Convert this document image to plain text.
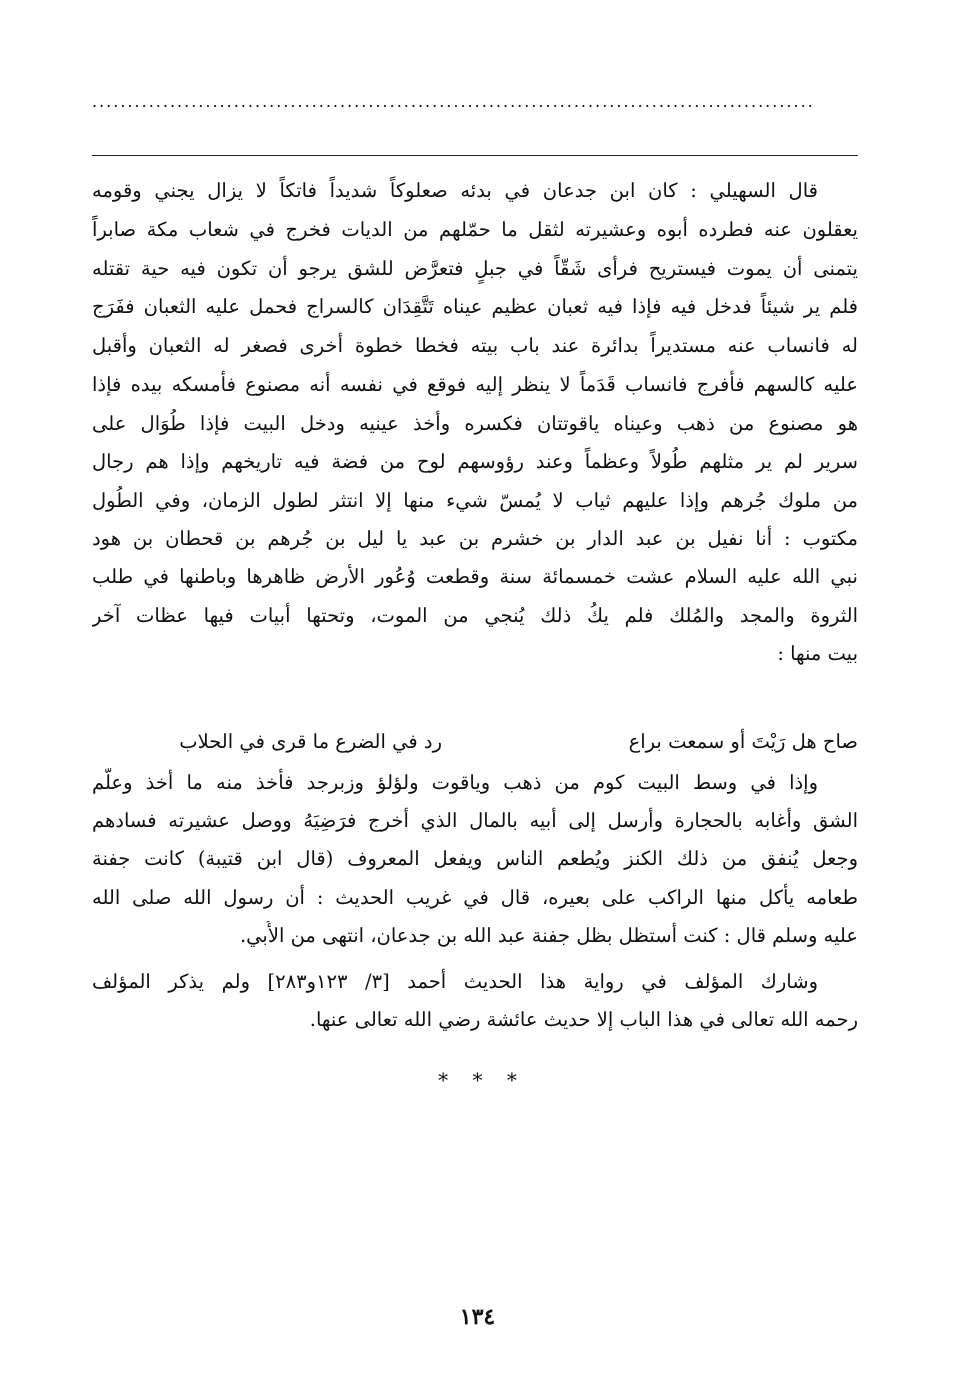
......................................................................................................
قال السهيلي : كان ابن جدعان في بدئه صعلوكاً شديداً فاتكاً لا يزال يجني وقومه
يعقلون عنه فطرده أبوه وعشيرته لثقل ما حمّلهم من الديات فخرج في شعاب مكة صابراً
يتمنى أن يموت فيستريح فرأى شَقّاً في جبلٍ فتعرَّض للشق يرجو أن تكون فيه حية تقتله
فلم ير شيئاً فدخل فيه فإذا فيه ثعبان عظيم عيناه تَتَّقِدَان كالسراج فحمل عليه الثعبان ففَرَج
له فانساب عنه مستديراً بدائرة عند باب بيته فخطا خطوة أخرى فصغر له الثعبان وأقبل
عليه كالسهم فأفرج فانساب قَدَماً لا ينظر إليه فوقع في نفسه أنه مصنوع فأمسكه بيده فإذا
هو مصنوع من ذهب وعيناه ياقوتتان فكسره وأخذ عينيه ودخل البيت فإذا طُوَال على
سرير لم ير مثلهم طُولاً وعظماً وعند رؤوسهم لوح من فضة فيه تاريخهم وإذا هم رجال
من ملوك جُرهم وإذا عليهم ثياب لا يُمسّ شيء منها إلا انتثر لطول الزمان، وفي الطُول
مكتوب : أنا نفيل بن عبد الدار بن خشرم بن عبد يا ليل بن جُرهم بن قحطان بن هود
نبي الله عليه السلام عشت خمسمائة سنة وقطعت وُعُور الأرض ظاهرها وباطنها في طلب
الثروة والمجد والمُلك فلم يكُ ذلك يُنجي من الموت، وتحتها أبيات فيها عظات آخر
بيت منها :
صاح هل رَيْتَ أو سمعت براع
رد في الضرع ما قرى في الحلاب
وإذا في وسط البيت كوم من ذهب وياقوت ولؤلؤ وزبرجد فأخذ منه ما أخذ وعلّم
الشق وأغابه بالحجارة وأرسل إلى أبيه بالمال الذي أخرج فرَضِيَهُ ووصل عشيرته فسادهم
وجعل يُنفق من ذلك الكنز ويُطعم الناس ويفعل المعروف (قال ابن قتيبة) كانت جفنة
طعامه يأكل منها الراكب على بعيره، قال في غريب الحديث : أن رسول الله صلى الله
عليه وسلم قال : كنت أستظل بظل جفنة عبد الله بن جدعان، انتهى من الأُبي.
وشارك المؤلف في رواية هذا الحديث أحمد [٣/ ١٢٣و٢٨٣] ولم يذكر المؤلف
رحمه الله تعالى في هذا الباب إلا حديث عائشة رضي الله تعالى عنها.
* * *
١٣٤
